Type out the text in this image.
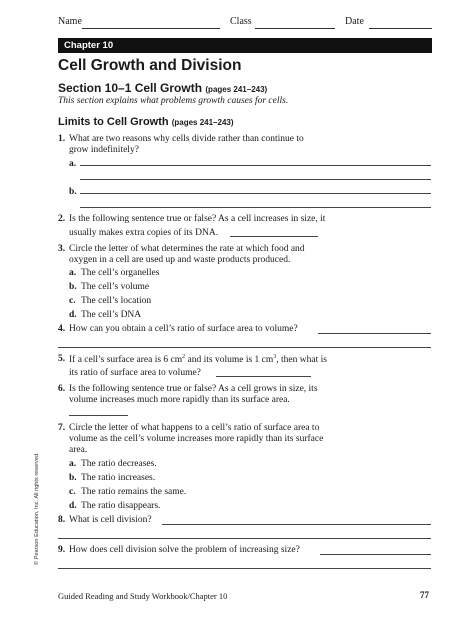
Name	Class	Date
Chapter 10
Cell Growth and Division
Section 10–1 Cell Growth (pages 241–243)
This section explains what problems growth causes for cells.
Limits to Cell Growth (pages 241–243)
1. What are two reasons why cells divide rather than continue to
grow indefinitely?
a.
b.
2. Is the following sentence true or false? As a cell increases in size, it
usually makes extra copies of its DNA.
3. Circle the letter of what determines the rate at which food and
oxygen in a cell are used up and waste products produced.
a. The cell’s organelles
b. The cell’s volume
c. The cell’s location
d. The cell’s DNA
4. How can you obtain a cell’s ratio of surface area to volume?
5. If a cell’s surface area is 6 $cm^2$ and its volume is 1 $cm^3$, then what is
its ratio of surface area to volume?
6. Is the following sentence true or false? As a cell grows in size, its
volume increases much more rapidly than its surface area.
7. Circle the letter of what happens to a cell’s ratio of surface area to
volume as the cell’s volume increases more rapidly than its surface
area.
a. The ratio decreases.
b. The ratio increases.
c. The ratio remains the same.
d. The ratio disappears.
8. What is cell division?
9. How does cell division solve the problem of increasing size?
© Pearson Education, Inc. All rights reserved.
Guided Reading and Study Workbook/Chapter 10	77
